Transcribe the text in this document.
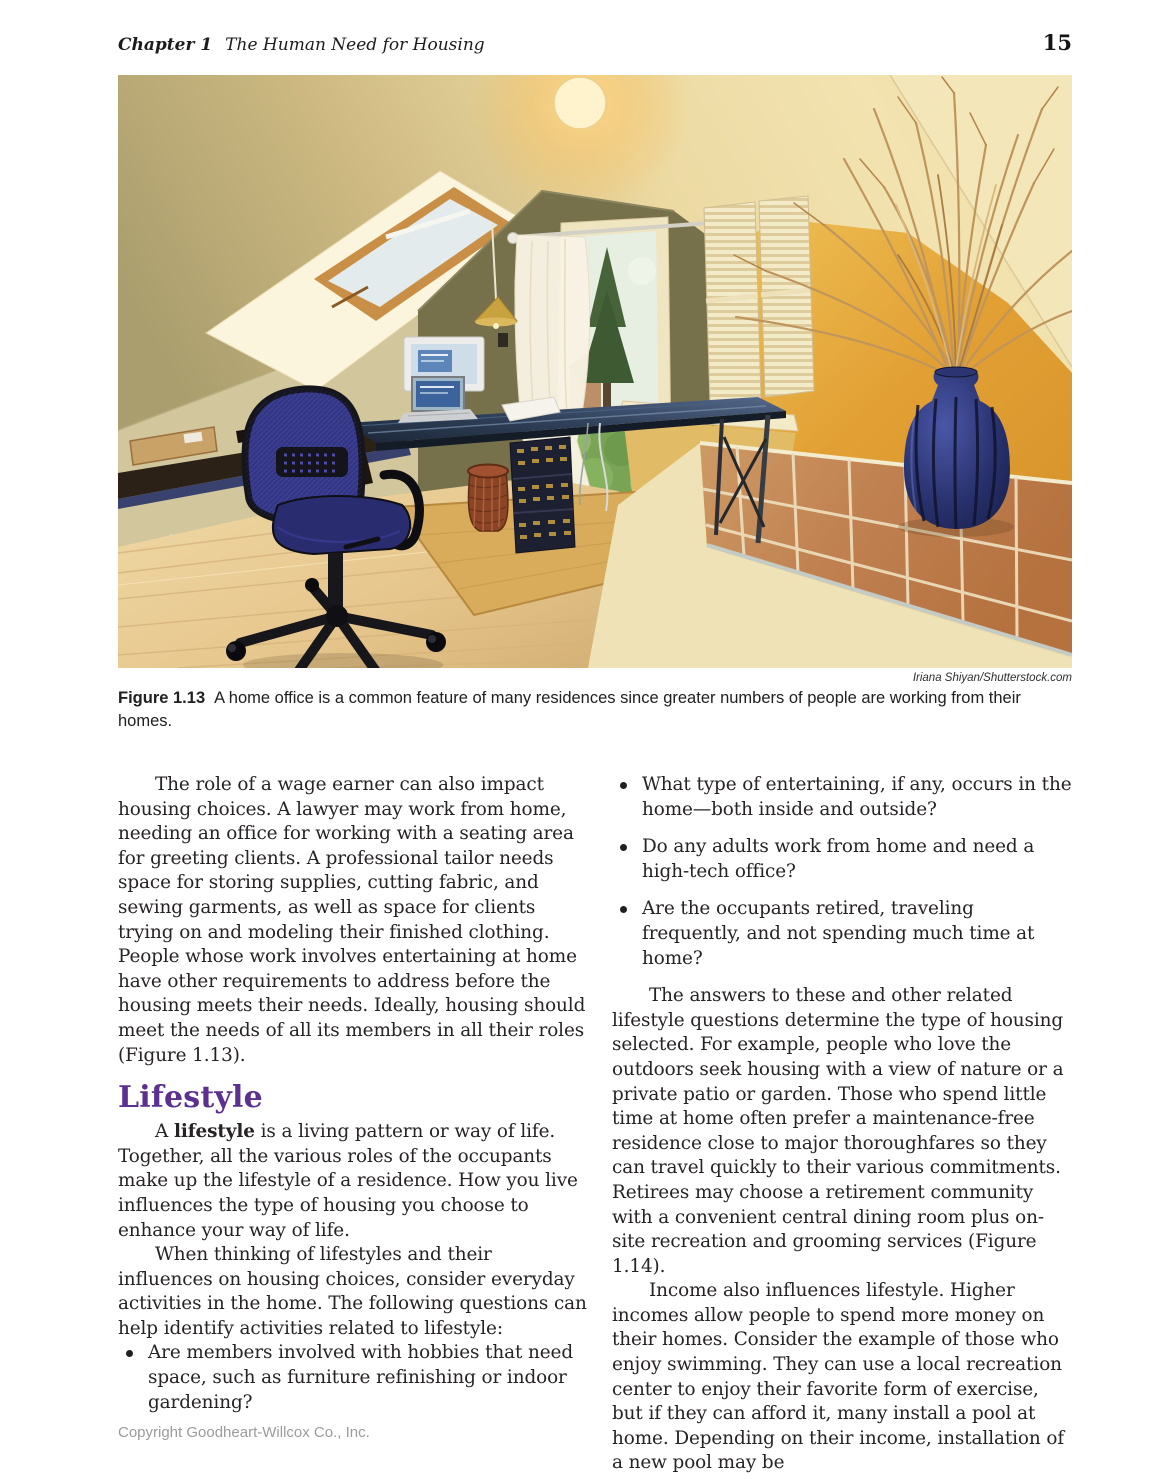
Chapter 1 The Human Need for Housing	15
Iriana Shiyan/Shutterstock.com
Figure 1.13 A home office is a common feature of many residences since greater numbers of people are working from their homes.

The role of a wage earner can also impact housing choices. A lawyer may work from home, needing an office for working with a seating area for greeting clients. A professional tailor needs space for storing supplies, cutting fabric, and sewing garments, as well as space for clients trying on and modeling their finished clothing. People whose work involves entertaining at home have other requirements to address before the housing meets their needs. Ideally, housing should meet the needs of all its members in all their roles (Figure 1.13).

Lifestyle

A lifestyle is a living pattern or way of life. Together, all the various roles of the occupants make up the lifestyle of a residence. How you live influences the type of housing you choose to enhance your way of life.

When thinking of lifestyles and their influences on housing choices, consider everyday activities in the home. The following questions can help identify activities related to lifestyle:

Are members involved with hobbies that need space, such as furniture refinishing or indoor gardening?
What type of entertaining, if any, occurs in the home—both inside and outside?
Do any adults work from home and need a high-tech office?
Are the occupants retired, traveling frequently, and not spending much time at home?

The answers to these and other related lifestyle questions determine the type of housing selected. For example, people who love the outdoors seek housing with a view of nature or a private patio or garden. Those who spend little time at home often prefer a maintenance-free residence close to major thoroughfares so they can travel quickly to their various commitments. Retirees may choose a retirement community with a convenient central dining room plus on-site recreation and grooming services (Figure 1.14).

Income also influences lifestyle. Higher incomes allow people to spend more money on their homes. Consider the example of those who enjoy swimming. They can use a local recreation center to enjoy their favorite form of exercise, but if they can afford it, many install a pool at home. Depending on their income, installation of a new pool may be

Copyright Goodheart-Willcox Co., Inc.
